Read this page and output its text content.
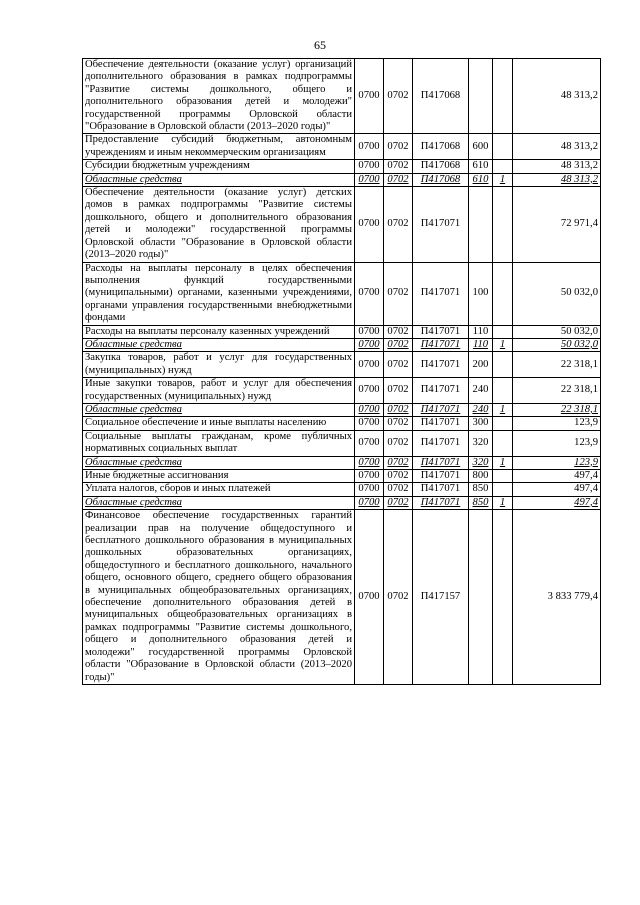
65
Обеспечение деятельности (оказание услуг) организаций дополнительного образования в рамках подпрограммы "Развитие системы дошкольного, общего и дополнительного образования детей и молодежи" государственной программы Орловской области "Образование в Орловской области (2013–2020 годы)"	0700	0702	П417068			48 313,2
Предоставление субсидий бюджетным, автономным учреждениям и иным некоммерческим организациям	0700	0702	П417068	600		48 313,2
Субсидии бюджетным учреждениям	0700	0702	П417068	610		48 313,2
Областные средства	0700	0702	П417068	610	1	48 313,2
Обеспечение деятельности (оказание услуг) детских домов в рамках подпрограммы "Развитие системы дошкольного, общего и дополнительного образования детей и молодежи" государственной программы Орловской области "Образование в Орловской области (2013–2020 годы)"	0700	0702	П417071			72 971,4
Расходы на выплаты персоналу в целях обеспечения выполнения функций государственными (муниципальными) органами, казенными учреждениями, органами управления государственными внебюджетными фондами	0700	0702	П417071	100		50 032,0
Расходы на выплаты персоналу казенных учреждений	0700	0702	П417071	110		50 032,0
Областные средства	0700	0702	П417071	110	1	50 032,0
Закупка товаров, работ и услуг для государственных (муниципальных) нужд	0700	0702	П417071	200		22 318,1
Иные закупки товаров, работ и услуг для обеспечения государственных (муниципальных) нужд	0700	0702	П417071	240		22 318,1
Областные средства	0700	0702	П417071	240	1	22 318,1
Социальное обеспечение и иные выплаты населению	0700	0702	П417071	300		123,9
Социальные выплаты гражданам, кроме публичных нормативных социальных выплат	0700	0702	П417071	320		123,9
Областные средства	0700	0702	П417071	320	1	123,9
Иные бюджетные ассигнования	0700	0702	П417071	800		497,4
Уплата налогов, сборов и иных платежей	0700	0702	П417071	850		497,4
Областные средства	0700	0702	П417071	850	1	497,4
Финансовое обеспечение государственных гарантий реализации прав на получение общедоступного и бесплатного дошкольного образования в муниципальных дошкольных образовательных организациях, общедоступного и бесплатного дошкольного, начального общего, основного общего, среднего общего образования в муниципальных общеобразовательных организациях, обеспечение дополнительного образования детей в муниципальных общеобразовательных организациях в рамках подпрограммы "Развитие системы дошкольного, общего и дополнительного образования детей и молодежи" государственной программы Орловской области "Образование в Орловской области (2013–2020 годы)"	0700	0702	П417157			3 833 779,4
